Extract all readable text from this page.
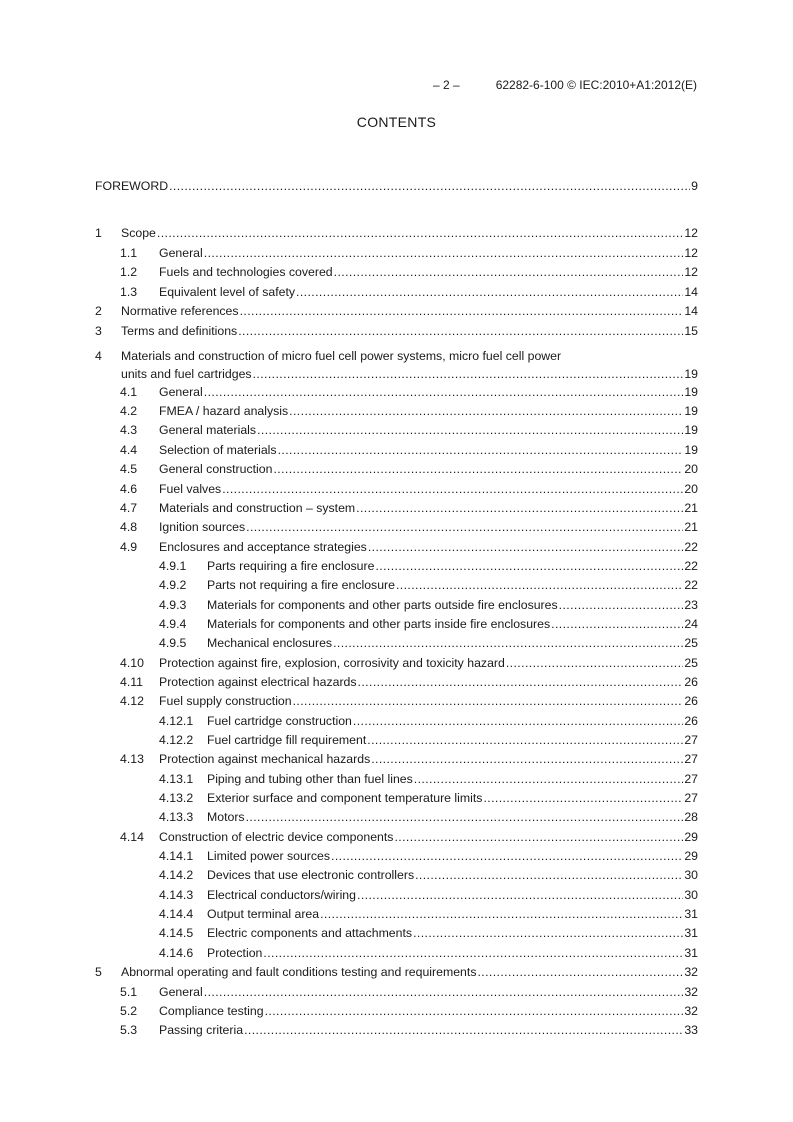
– 2 –	62282-6-100 © IEC:2010+A1:2012(E)
CONTENTS
FOREWORD .....	9
1 Scope .....	12
1.1 General .....	12
1.2 Fuels and technologies covered .....	12
1.3 Equivalent level of safety .....	14
2 Normative references .....	14
3 Terms and definitions .....	15
4 Materials and construction of micro fuel cell power systems, micro fuel cell power
units and fuel cartridges .....	19
4.1 General .....	19
4.2 FMEA / hazard analysis .....	19
4.3 General materials .....	19
4.4 Selection of materials .....	19
4.5 General construction .....	20
4.6 Fuel valves .....	20
4.7 Materials and construction – system .....	21
4.8 Ignition sources .....	21
4.9 Enclosures and acceptance strategies .....	22
4.9.1 Parts requiring a fire enclosure .....	22
4.9.2 Parts not requiring a fire enclosure .....	22
4.9.3 Materials for components and other parts outside fire enclosures .....	23
4.9.4 Materials for components and other parts inside fire enclosures .....	24
4.9.5 Mechanical enclosures .....	25
4.10 Protection against fire, explosion, corrosivity and toxicity hazard .....	25
4.11 Protection against electrical hazards .....	26
4.12 Fuel supply construction .....	26
4.12.1 Fuel cartridge construction .....	26
4.12.2 Fuel cartridge fill requirement .....	27
4.13 Protection against mechanical hazards .....	27
4.13.1 Piping and tubing other than fuel lines .....	27
4.13.2 Exterior surface and component temperature limits .....	27
4.13.3 Motors .....	28
4.14 Construction of electric device components .....	29
4.14.1 Limited power sources .....	29
4.14.2 Devices that use electronic controllers .....	30
4.14.3 Electrical conductors/wiring .....	30
4.14.4 Output terminal area .....	31
4.14.5 Electric components and attachments .....	31
4.14.6 Protection .....	31
5 Abnormal operating and fault conditions testing and requirements .....	32
5.1 General .....	32
5.2 Compliance testing .....	32
5.3 Passing criteria .....	33
